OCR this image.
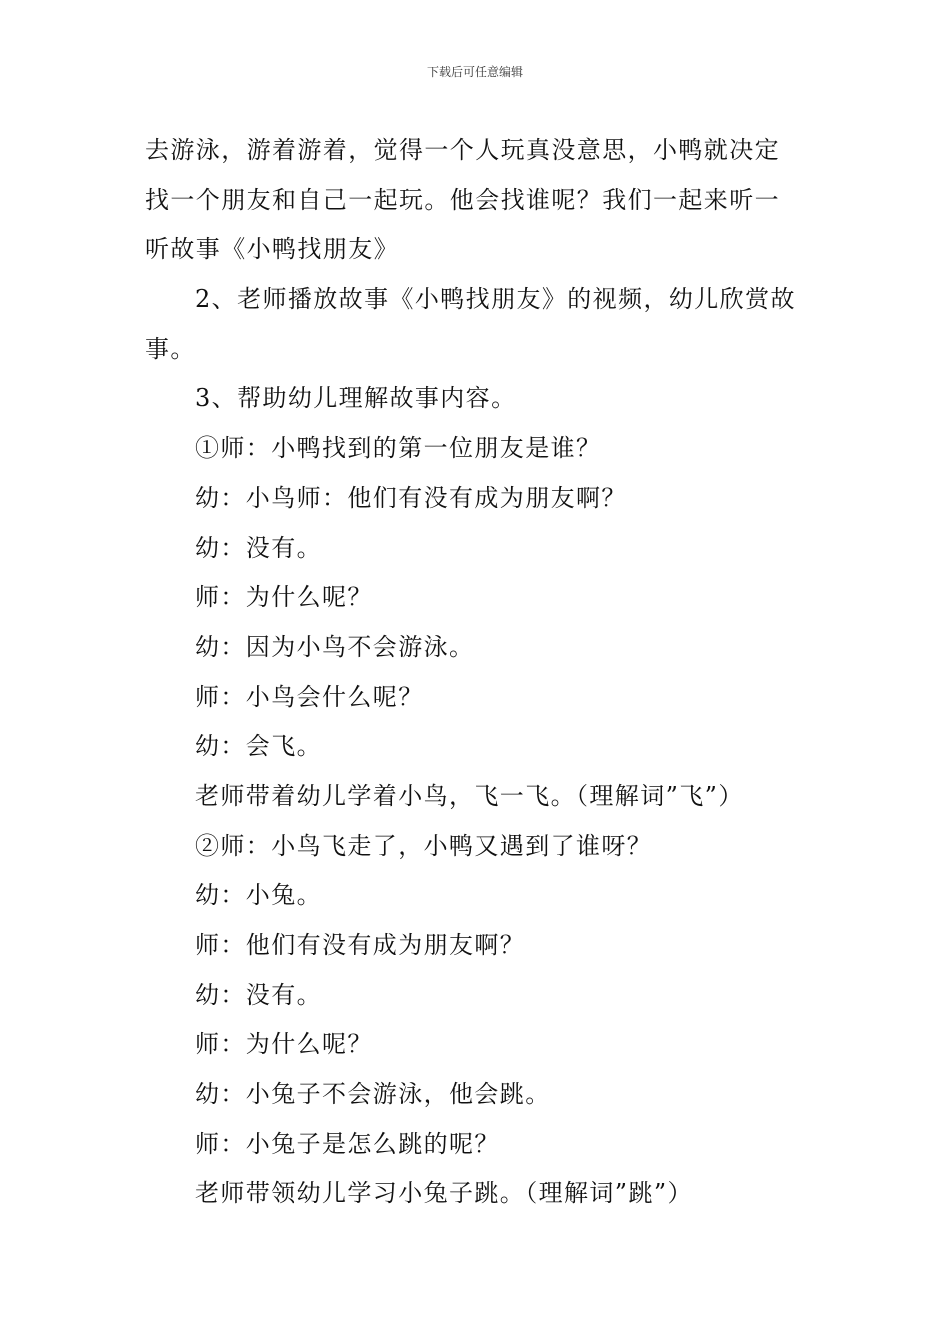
下载后可任意编辑
去游泳，游着游着，觉得一个人玩真没意思，小鸭就决定
找一个朋友和自己一起玩。他会找谁呢？我们一起来听一
听故事《小鸭找朋友》
2、老师播放故事《小鸭找朋友》的视频，幼儿欣赏故
事。
3、帮助幼儿理解故事内容。
①师：小鸭找到的第一位朋友是谁？
幼：小鸟师：他们有没有成为朋友啊？
幼：没有。
师：为什么呢？
幼：因为小鸟不会游泳。
师：小鸟会什么呢？
幼：会飞。
老师带着幼儿学着小鸟，飞一飞。（理解词”飞”）
②师：小鸟飞走了，小鸭又遇到了谁呀？
幼：小兔。
师：他们有没有成为朋友啊？
幼：没有。
师：为什么呢？
幼：小兔子不会游泳，他会跳。
师：小兔子是怎么跳的呢？
老师带领幼儿学习小兔子跳。（理解词”跳”）
